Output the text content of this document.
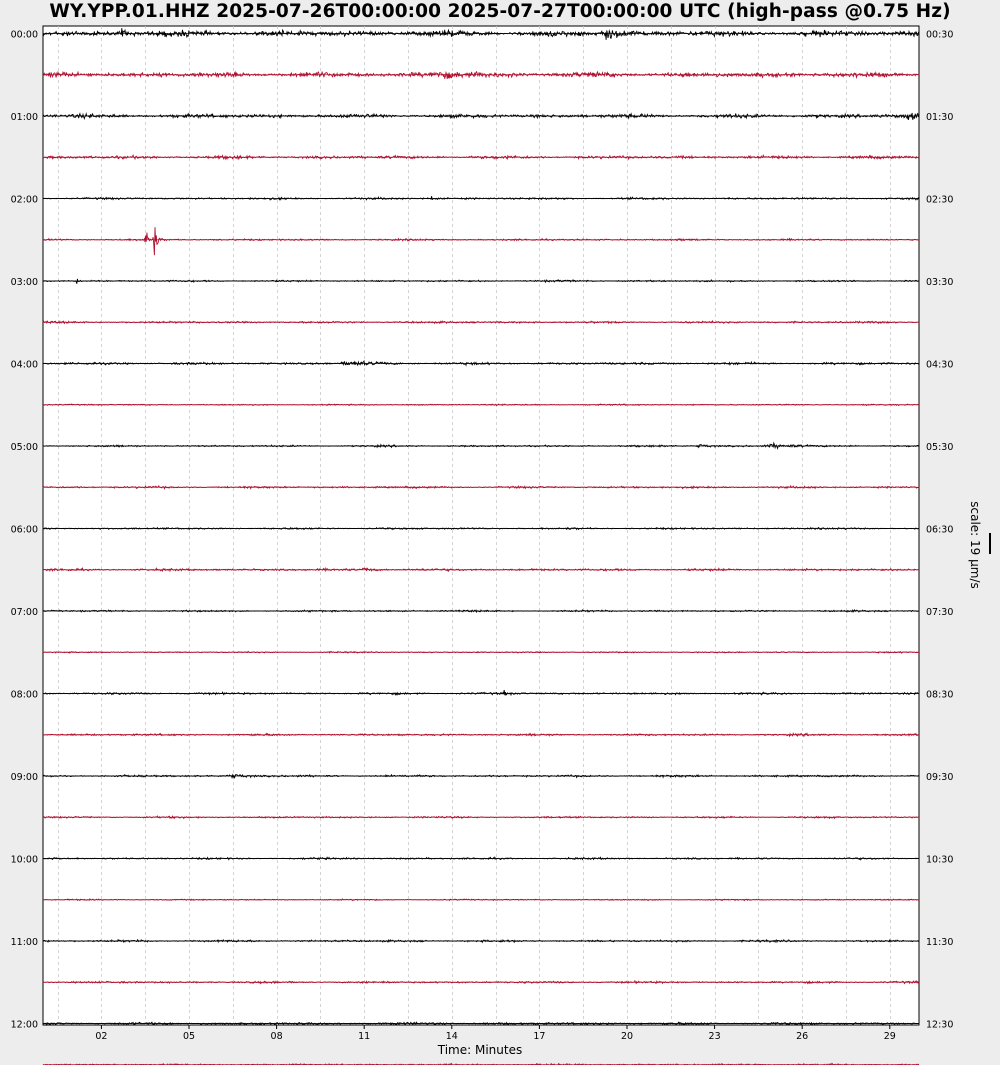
WY.YPP.01.HHZ 2025-07-26T00:00:00 2025-07-27T00:00:00 UTC (high-pass @0.75 Hz)
00:00
01:00
02:00
03:00
04:00
05:00
06:00
07:00
08:00
09:00
10:00
11:00
12:00
00:30
01:30
02:30
03:30
04:30
05:30
06:30
07:30
08:30
09:30
10:30
11:30
12:30
02	05	08	11	14	17	20	23	26	29
scale: 19 µm/s
Time: Minutes
